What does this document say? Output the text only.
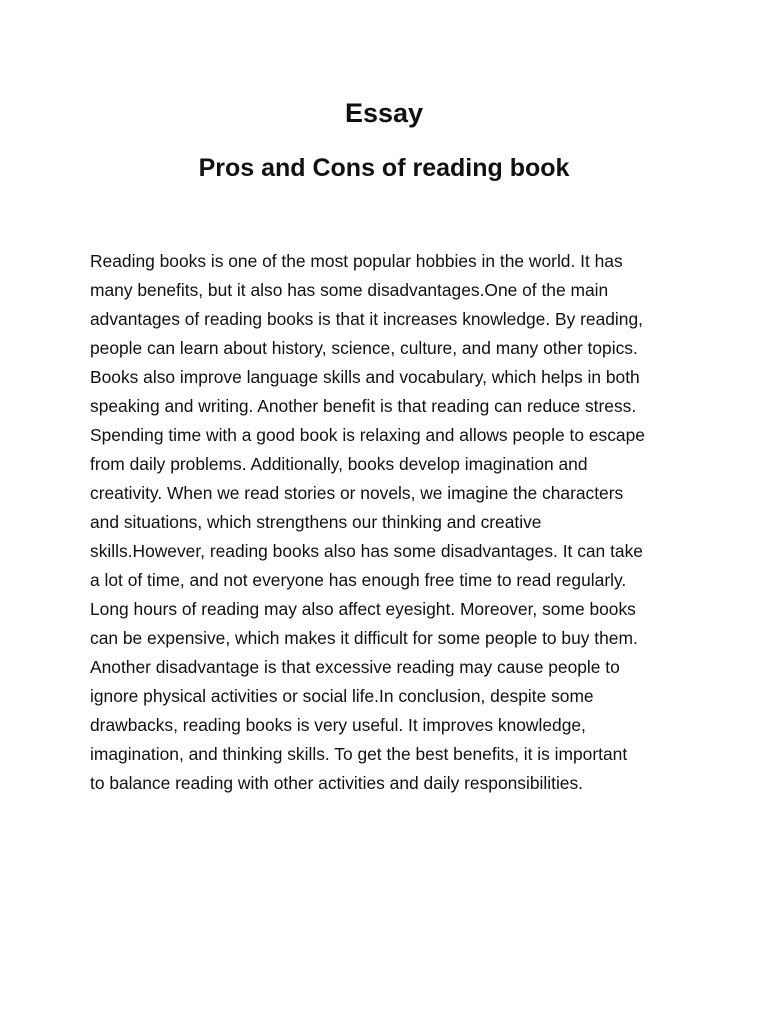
Essay
Pros and Cons of reading book

Reading books is one of the most popular hobbies in the world. It has
many benefits, but it also has some disadvantages.One of the main
advantages of reading books is that it increases knowledge. By reading,
people can learn about history, science, culture, and many other topics.
Books also improve language skills and vocabulary, which helps in both
speaking and writing. Another benefit is that reading can reduce stress.
Spending time with a good book is relaxing and allows people to escape
from daily problems. Additionally, books develop imagination and
creativity. When we read stories or novels, we imagine the characters
and situations, which strengthens our thinking and creative
skills.However, reading books also has some disadvantages. It can take
a lot of time, and not everyone has enough free time to read regularly.
Long hours of reading may also affect eyesight. Moreover, some books
can be expensive, which makes it difficult for some people to buy them.
Another disadvantage is that excessive reading may cause people to
ignore physical activities or social life.In conclusion, despite some
drawbacks, reading books is very useful. It improves knowledge,
imagination, and thinking skills. To get the best benefits, it is important
to balance reading with other activities and daily responsibilities.
